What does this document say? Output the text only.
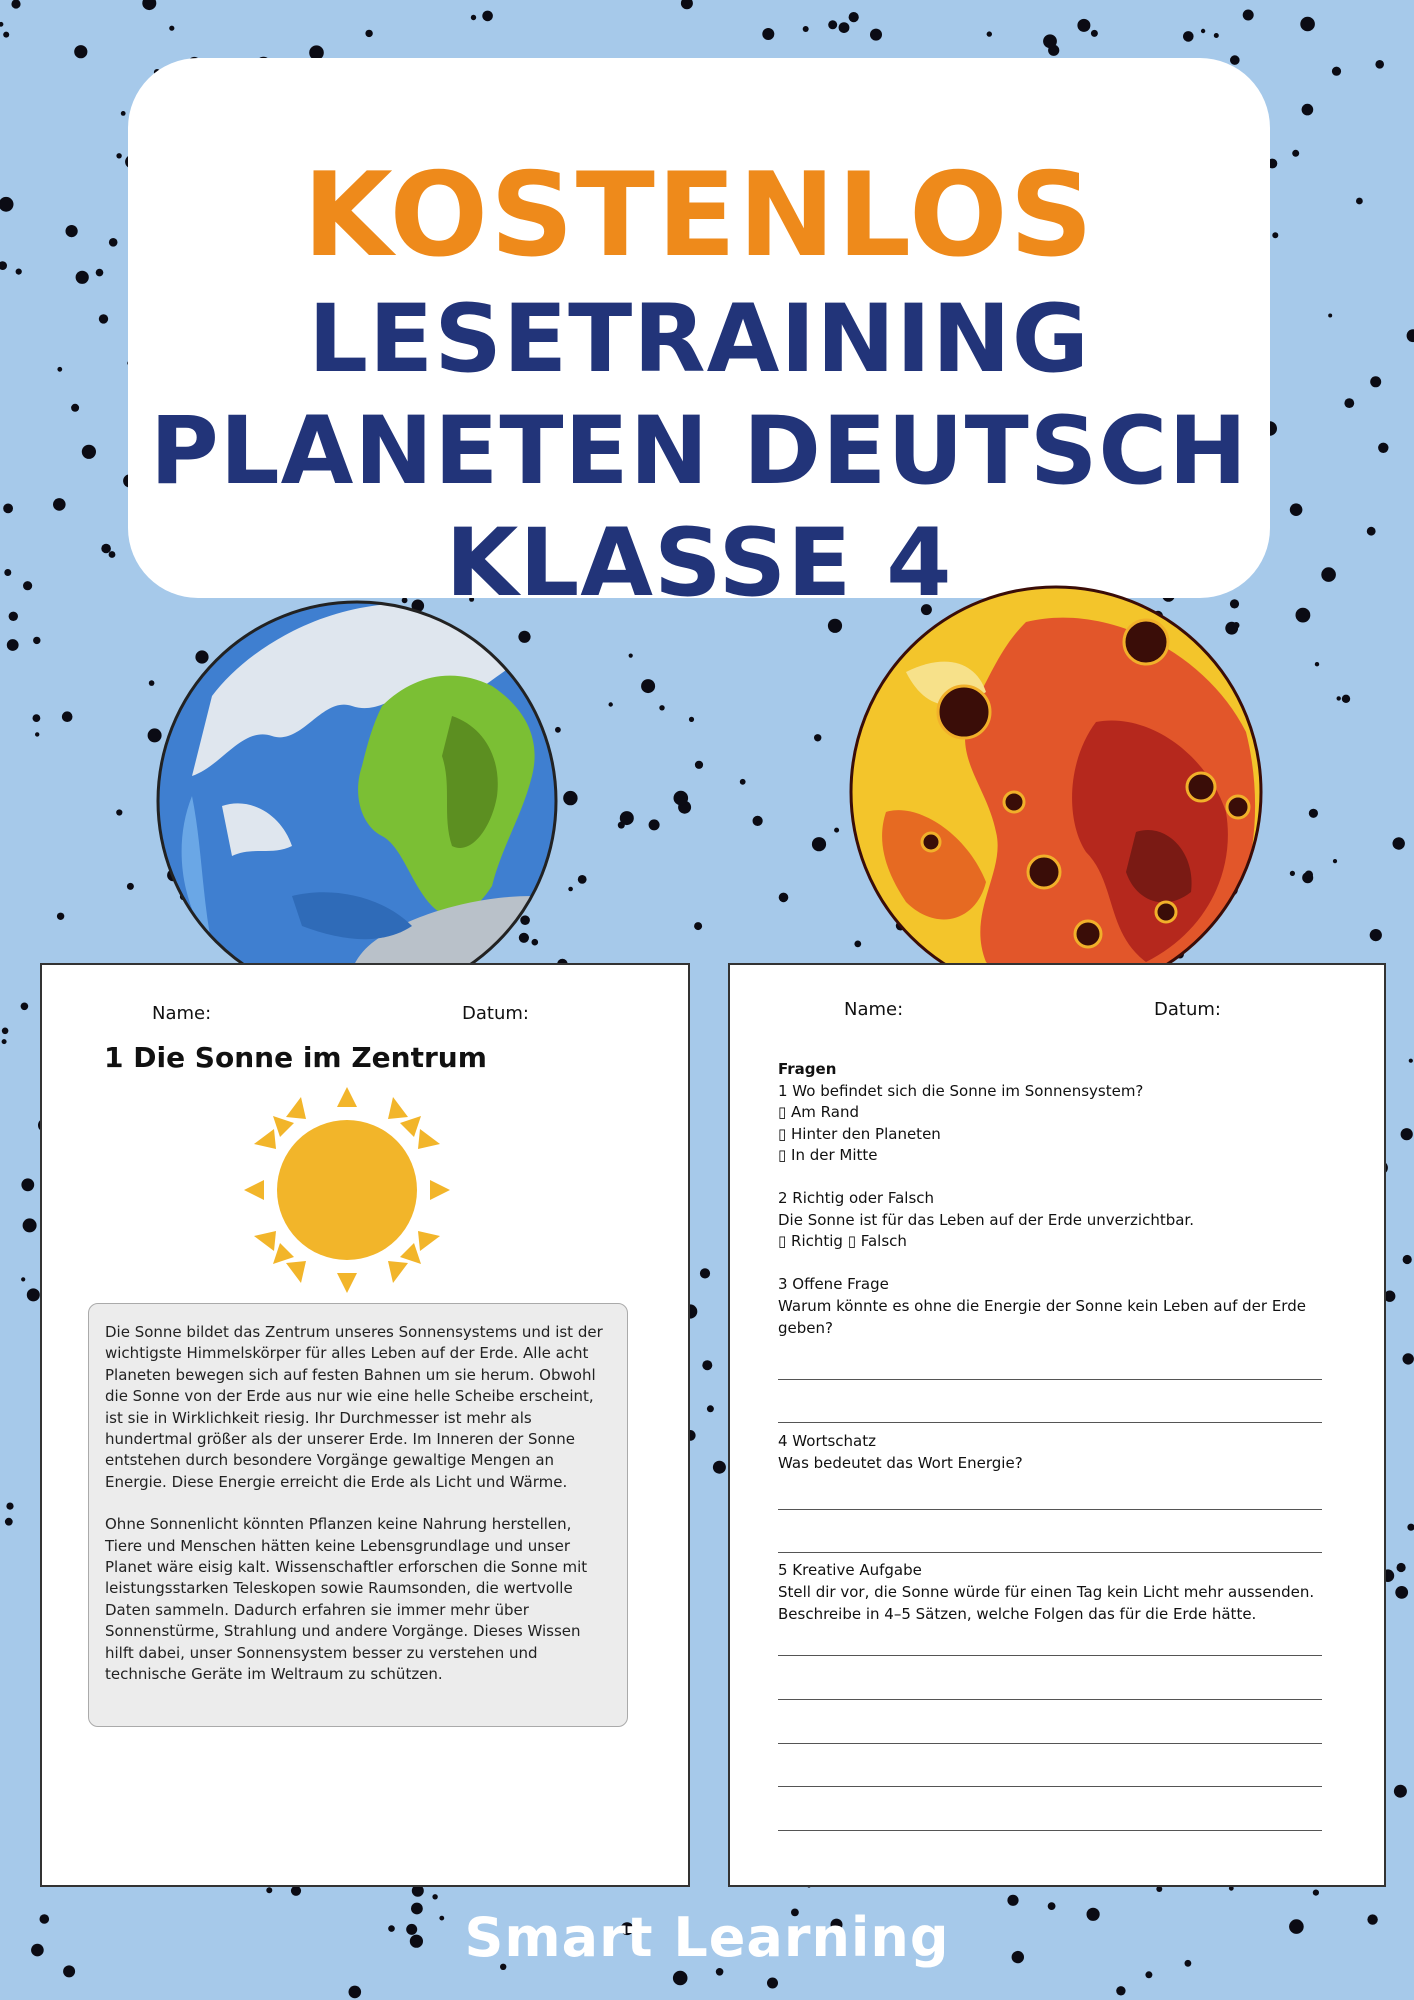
KOSTENLOS
LESETRAINING
PLANETEN DEUTSCH
KLASSE 4
Name:	Datum:
1 Die Sonne im Zentrum

Die Sonne bildet das Zentrum unseres Sonnensystems und ist der wichtigste Himmelskörper für alles Leben auf der Erde. Alle acht Planeten bewegen sich auf festen Bahnen um sie herum. Obwohl die Sonne von der Erde aus nur wie eine helle Scheibe erscheint, ist sie in Wirklichkeit riesig. Ihr Durchmesser ist mehr als hundertmal größer als der unserer Erde. Im Inneren der Sonne entstehen durch besondere Vorgänge gewaltige Mengen an Energie. Diese Energie erreicht die Erde als Licht und Wärme.

Ohne Sonnenlicht könnten Pflanzen keine Nahrung herstellen, Tiere und Menschen hätten keine Lebensgrundlage und unser Planet wäre eisig kalt. Wissenschaftler erforschen die Sonne mit leistungsstarken Teleskopen sowie Raumsonden, die wertvolle Daten sammeln. Dadurch erfahren sie immer mehr über Sonnenstürme, Strahlung und andere Vorgänge. Dieses Wissen hilft dabei, unser Sonnensystem besser zu verstehen und technische Geräte im Weltraum zu schützen.

Name:	Datum:
Fragen
1 Wo befindet sich die Sonne im Sonnensystem?
▯ Am Rand
▯ Hinter den Planeten
▯ In der Mitte
2 Richtig oder Falsch
Die Sonne ist für das Leben auf der Erde unverzichtbar.
▯ Richtig ▯ Falsch
3 Offene Frage
Warum könnte es ohne die Energie der Sonne kein Leben auf der Erde geben?
4 Wortschatz
Was bedeutet das Wort Energie?
5 Kreative Aufgabe
Stell dir vor, die Sonne würde für einen Tag kein Licht mehr aussenden. Beschreibe in 4–5 Sätzen, welche Folgen das für die Erde hätte.
Smart Learning
